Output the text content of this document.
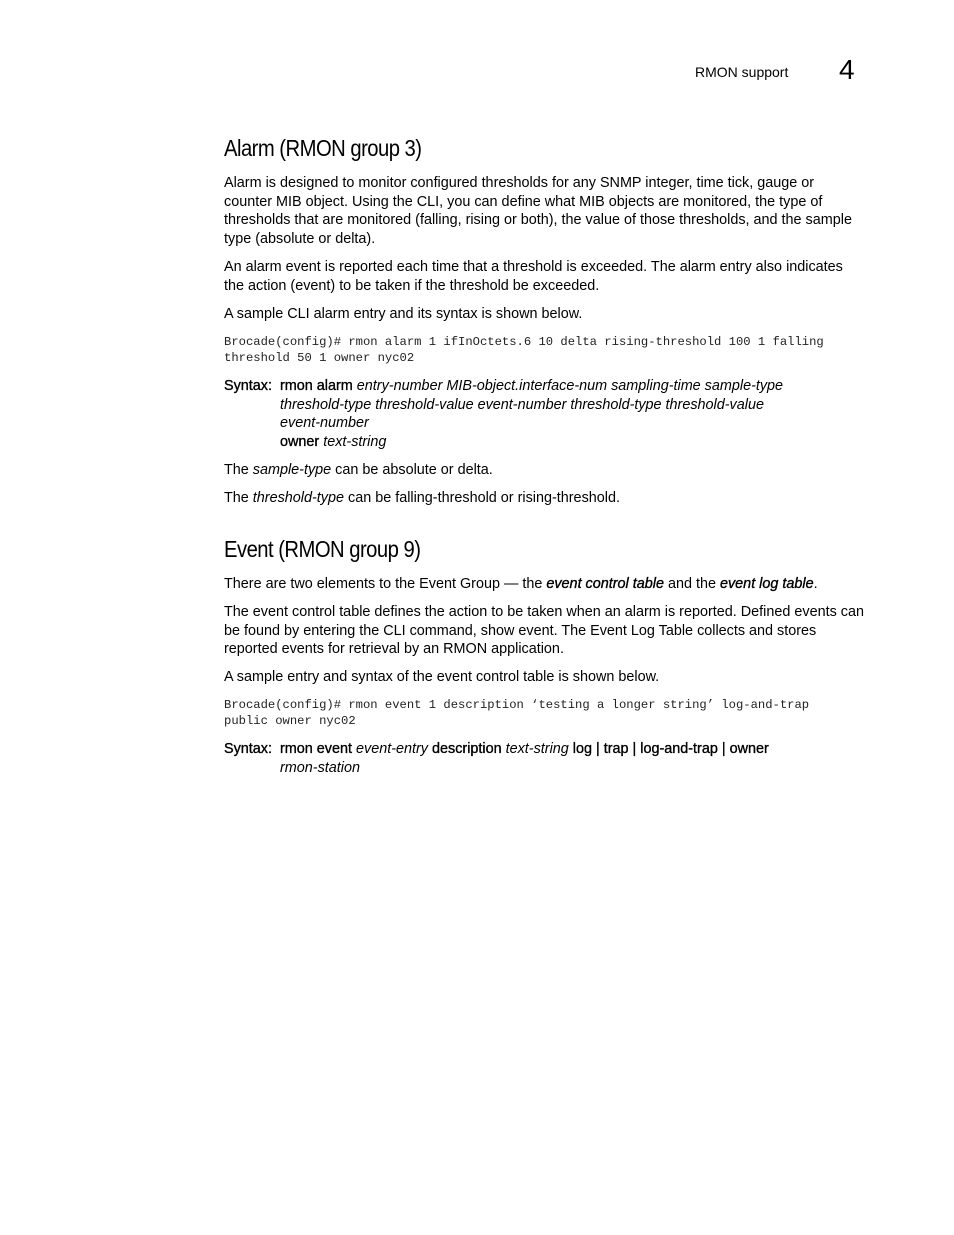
RMON support 4
Alarm (RMON group 3)

Alarm is designed to monitor configured thresholds for any SNMP integer, time tick, gauge or counter MIB object. Using the CLI, you can define what MIB objects are monitored, the type of thresholds that are monitored (falling, rising or both), the value of those thresholds, and the sample type (absolute or delta).

An alarm event is reported each time that a threshold is exceeded. The alarm entry also indicates the action (event) to be taken if the threshold be exceeded.

A sample CLI alarm entry and its syntax is shown below.

Brocade(config)# rmon alarm 1 ifInOctets.6 10 delta rising-threshold 100 1 falling
threshold 50 1 owner nyc02
Syntax: rmon alarm entry-number MIB-object.interface-num sampling-time sample-type
threshold-type threshold-value event-number threshold-type threshold-value
event-number
owner text-string

The sample-type can be absolute or delta.

The threshold-type can be falling-threshold or rising-threshold.

Event (RMON group 9)

There are two elements to the Event Group — the event control table and the event log table.

The event control table defines the action to be taken when an alarm is reported. Defined events can be found by entering the CLI command, show event. The Event Log Table collects and stores reported events for retrieval by an RMON application.

A sample entry and syntax of the event control table is shown below.

Brocade(config)# rmon event 1 description ‘testing a longer string’ log-and-trap
public owner nyc02
Syntax: rmon event event-entry description text-string log | trap | log-and-trap | owner
rmon-station
